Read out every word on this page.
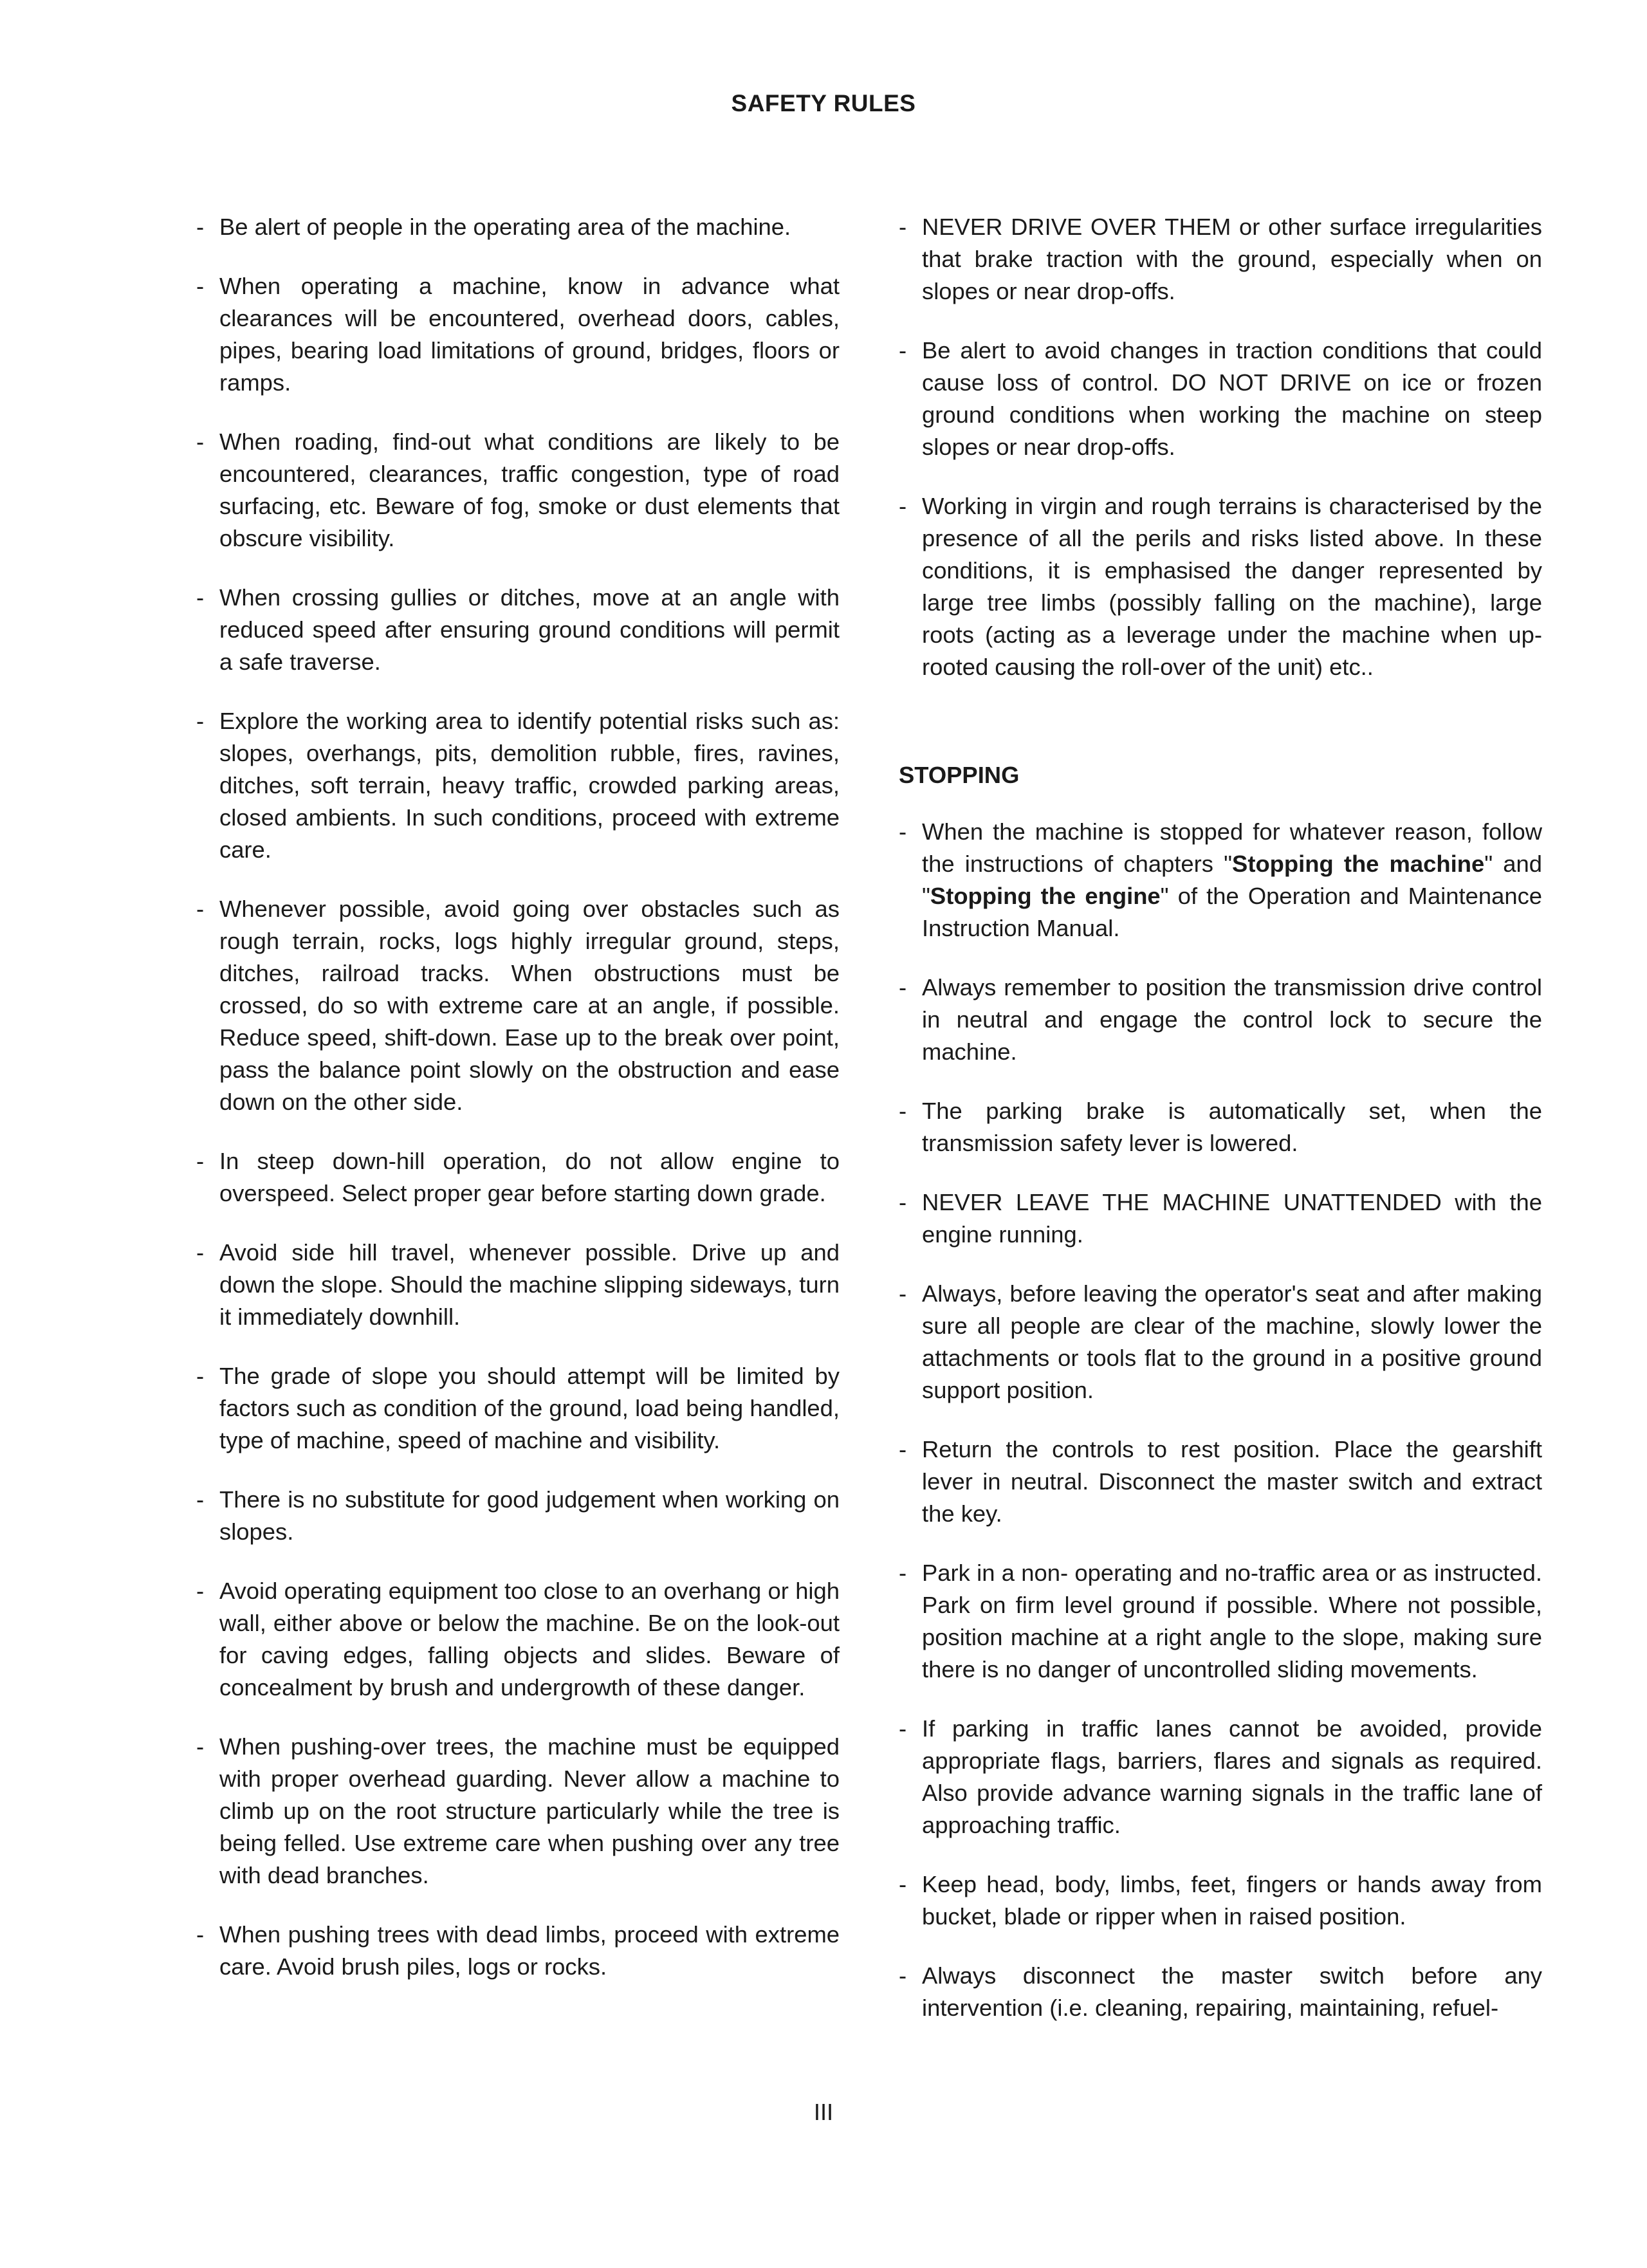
SAFETY RULES
- Be alert of people in the operating area of the machine.
- When operating a machine, know in advance what clearances will be encountered, overhead doors, cables, pipes, bearing load limitations of ground, bridges, floors or ramps.
- When roading, find-out what conditions are likely to be encountered, clearances, traffic congestion, type of road surfacing, etc. Beware of fog, smoke or dust elements that obscure visibility.
- When crossing gullies or ditches, move at an angle with reduced speed after ensuring ground conditions will permit a safe traverse.
- Explore the working area to identify potential risks such as: slopes, overhangs, pits, demolition rubble, fires, ravines, ditches, soft terrain, heavy traffic, crowded parking areas, closed ambients. In such conditions, proceed with extreme care.
- Whenever possible, avoid going over obstacles such as rough terrain, rocks, logs highly irregular ground, steps, ditches, railroad tracks. When obstructions must be crossed, do so with extreme care at an angle, if possible. Reduce speed, shift-down. Ease up to the break over point, pass the balance point slowly on the obstruction and ease down on the other side.
- In steep down-hill operation, do not allow engine to overspeed. Select proper gear before starting down grade.
- Avoid side hill travel, whenever possible. Drive up and down the slope. Should the machine slipping sideways, turn it immediately downhill.
- The grade of slope you should attempt will be limited by factors such as condition of the ground, load being handled, type of machine, speed of machine and visibility.
- There is no substitute for good judgement when working on slopes.
- Avoid operating equipment too close to an overhang or high wall, either above or below the machine. Be on the look-out for caving edges, falling objects and slides. Beware of concealment by brush and undergrowth of these danger.
- When pushing-over trees, the machine must be equipped with proper overhead guarding. Never allow a machine to climb up on the root structure particularly while the tree is being felled. Use extreme care when pushing over any tree with dead branches.
- When pushing trees with dead limbs, proceed with extreme care. Avoid brush piles, logs or rocks.
- NEVER DRIVE OVER THEM or other surface irregularities that brake traction with the ground, especially when on slopes or near drop-offs.
- Be alert to avoid changes in traction conditions that could cause loss of control. DO NOT DRIVE on ice or frozen ground conditions when working the machine on steep slopes or near drop-offs.
- Working in virgin and rough terrains is characterised by the presence of all the perils and risks listed above. In these conditions, it is emphasised the danger represented by large tree limbs (possibly falling on the machine), large roots (acting as a leverage under the machine when up-rooted causing the roll-over of the unit) etc..
STOPPING
- When the machine is stopped for whatever reason, follow the instructions of chapters "Stopping the machine" and "Stopping the engine" of the Operation and Maintenance Instruction Manual.
- Always remember to position the transmission drive control in neutral and engage the control lock to secure the machine.
- The parking brake is automatically set, when the transmission safety lever is lowered.
- NEVER LEAVE THE MACHINE UNATTENDED with the engine running.
- Always, before leaving the operator's seat and after making sure all people are clear of the machine, slowly lower the attachments or tools flat to the ground in a positive ground support position.
- Return the controls to rest position. Place the gearshift lever in neutral. Disconnect the master switch and extract the key.
- Park in a non- operating and no-traffic area or as instructed. Park on firm level ground if possible. Where not possible, position machine at a right angle to the slope, making sure there is no danger of uncontrolled sliding movements.
- If parking in traffic lanes cannot be avoided, provide appropriate flags, barriers, flares and signals as required. Also provide advance warning signals in the traffic lane of approaching traffic.
- Keep head, body, limbs, feet, fingers or hands away from bucket, blade or ripper when in raised position.
- Always disconnect the master switch before any intervention (i.e. cleaning, repairing, maintaining, refuel-
III
